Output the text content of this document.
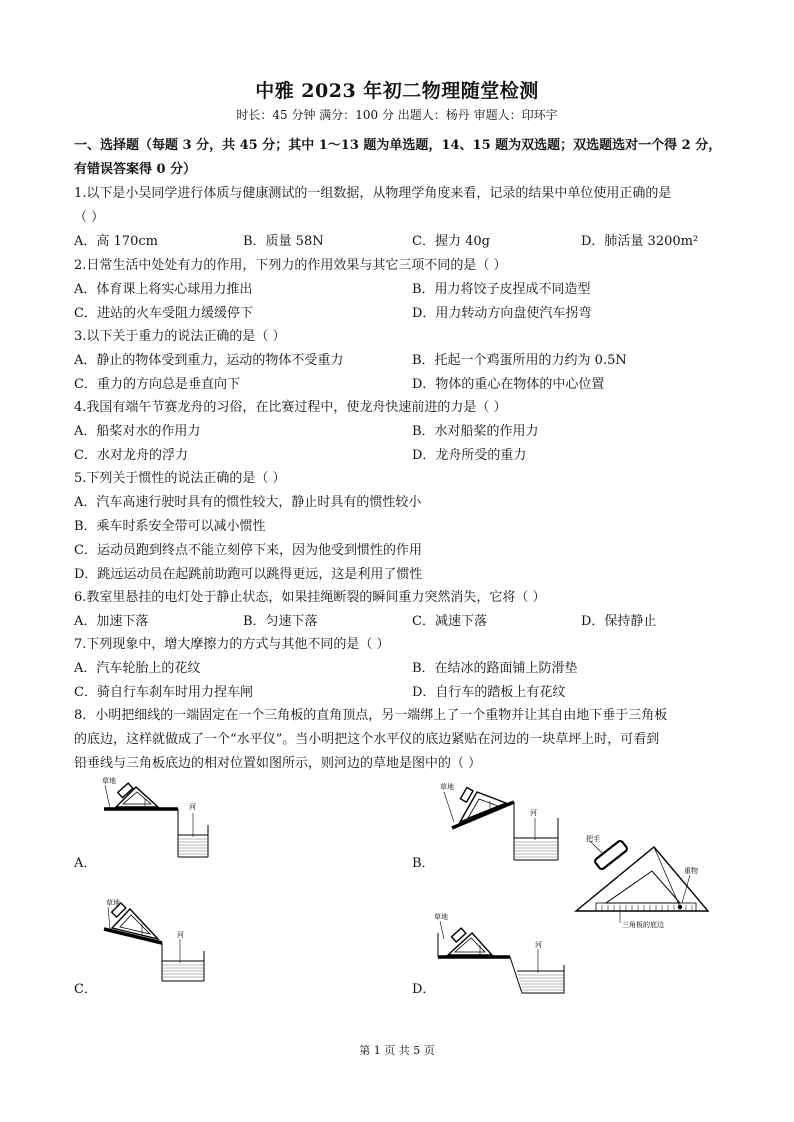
中雅 2023 年初二物理随堂检测
时长：45 分钟 满分：100 分 出题人：杨丹 审题人：印环宇
一、选择题（每题 3 分，共 45 分；其中 1～13 题为单选题，14、15 题为双选题；双选题选对一个得 2 分，
有错误答案得 0 分）
1.以下是小吴同学进行体质与健康测试的一组数据，从物理学角度来看，记录的结果中单位使用正确的是
（ ）
A．高 170cm	B．质量 58N	C．握力 40g	D．肺活量 3200m²
2.日常生活中处处有力的作用，下列力的作用效果与其它三项不同的是（ ）
A．体育课上将实心球用力推出	B．用力将饺子皮捏成不同造型
C．进站的火车受阻力缓缓停下	D．用力转动方向盘使汽车拐弯
3.以下关于重力的说法正确的是（ ）
A．静止的物体受到重力，运动的物体不受重力	B．托起一个鸡蛋所用的力约为 0.5N
C．重力的方向总是垂直向下	D．物体的重心在物体的中心位置
4.我国有端午节赛龙舟的习俗，在比赛过程中，使龙舟快速前进的力是（ ）
A．船桨对水的作用力	B．水对船桨的作用力
C．水对龙舟的浮力	D．龙舟所受的重力
5.下列关于惯性的说法正确的是（ ）
A．汽车高速行驶时具有的惯性较大，静止时具有的惯性较小
B．乘车时系安全带可以减小惯性
C．运动员跑到终点不能立刻停下来，因为他受到惯性的作用
D．跳远运动员在起跳前助跑可以跳得更远，这是利用了惯性
6.教室里悬挂的电灯处于静止状态，如果挂绳断裂的瞬间重力突然消失，它将（ ）
A．加速下落	B．匀速下落	C．减速下落	D．保持静止
7.下列现象中，增大摩擦力的方式与其他不同的是（ ）
A．汽车轮胎上的花纹	B．在结冰的路面铺上防滑垫
C．骑自行车刹车时用力捏车闸	D．自行车的踏板上有花纹
8．小明把细线的一端固定在一个三角板的直角顶点，另一端绑上了一个重物并让其自由地下垂于三角板
的底边，这样就做成了一个“水平仪”。当小明把这个水平仪的底边紧贴在河边的一块草坪上时，可看到
铅垂线与三角板底边的相对位置如图所示，则河边的草地是图中的（ ）
草地
河
A．
草地
河
B．
把手
重物
三角板的底边
草地
河
C．
草地
河
D．
第 1 页 共 5 页
